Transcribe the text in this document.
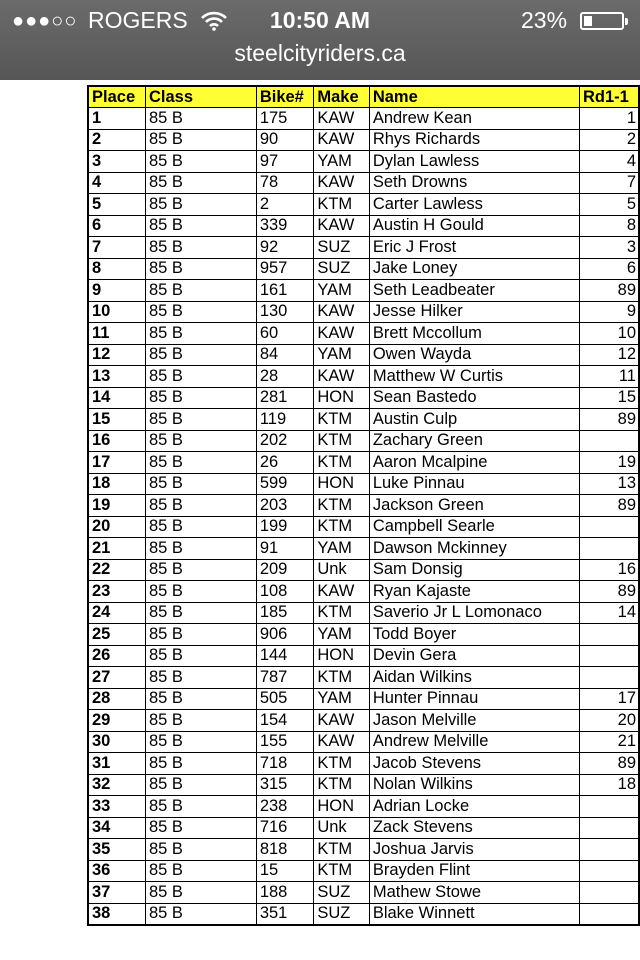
●●●○○ ROGERS	10:50 AM	23%
steelcityriders.ca
Place	Class	Bike#	Make	Name	Rd1-1
1	85 B	175	KAW	Andrew Kean	1
2	85 B	90	KAW	Rhys Richards	2
3	85 B	97	YAM	Dylan Lawless	4
4	85 B	78	KAW	Seth Drowns	7
5	85 B	2	KTM	Carter Lawless	5
6	85 B	339	KAW	Austin H Gould	8
7	85 B	92	SUZ	Eric J Frost	3
8	85 B	957	SUZ	Jake Loney	6
9	85 B	161	YAM	Seth Leadbeater	89
10	85 B	130	KAW	Jesse Hilker	9
11	85 B	60	KAW	Brett Mccollum	10
12	85 B	84	YAM	Owen Wayda	12
13	85 B	28	KAW	Matthew W Curtis	11
14	85 B	281	HON	Sean Bastedo	15
15	85 B	119	KTM	Austin Culp	89
16	85 B	202	KTM	Zachary Green	
17	85 B	26	KTM	Aaron Mcalpine	19
18	85 B	599	HON	Luke Pinnau	13
19	85 B	203	KTM	Jackson Green	89
20	85 B	199	KTM	Campbell Searle	
21	85 B	91	YAM	Dawson Mckinney	
22	85 B	209	Unk	Sam Donsig	16
23	85 B	108	KAW	Ryan Kajaste	89
24	85 B	185	KTM	Saverio Jr L Lomonaco	14
25	85 B	906	YAM	Todd Boyer	
26	85 B	144	HON	Devin Gera	
27	85 B	787	KTM	Aidan Wilkins	
28	85 B	505	YAM	Hunter Pinnau	17
29	85 B	154	KAW	Jason Melville	20
30	85 B	155	KAW	Andrew Melville	21
31	85 B	718	KTM	Jacob Stevens	89
32	85 B	315	KTM	Nolan Wilkins	18
33	85 B	238	HON	Adrian Locke	
34	85 B	716	Unk	Zack Stevens	
35	85 B	818	KTM	Joshua Jarvis	
36	85 B	15	KTM	Brayden Flint	
37	85 B	188	SUZ	Mathew Stowe	
38	85 B	351	SUZ	Blake Winnett	
